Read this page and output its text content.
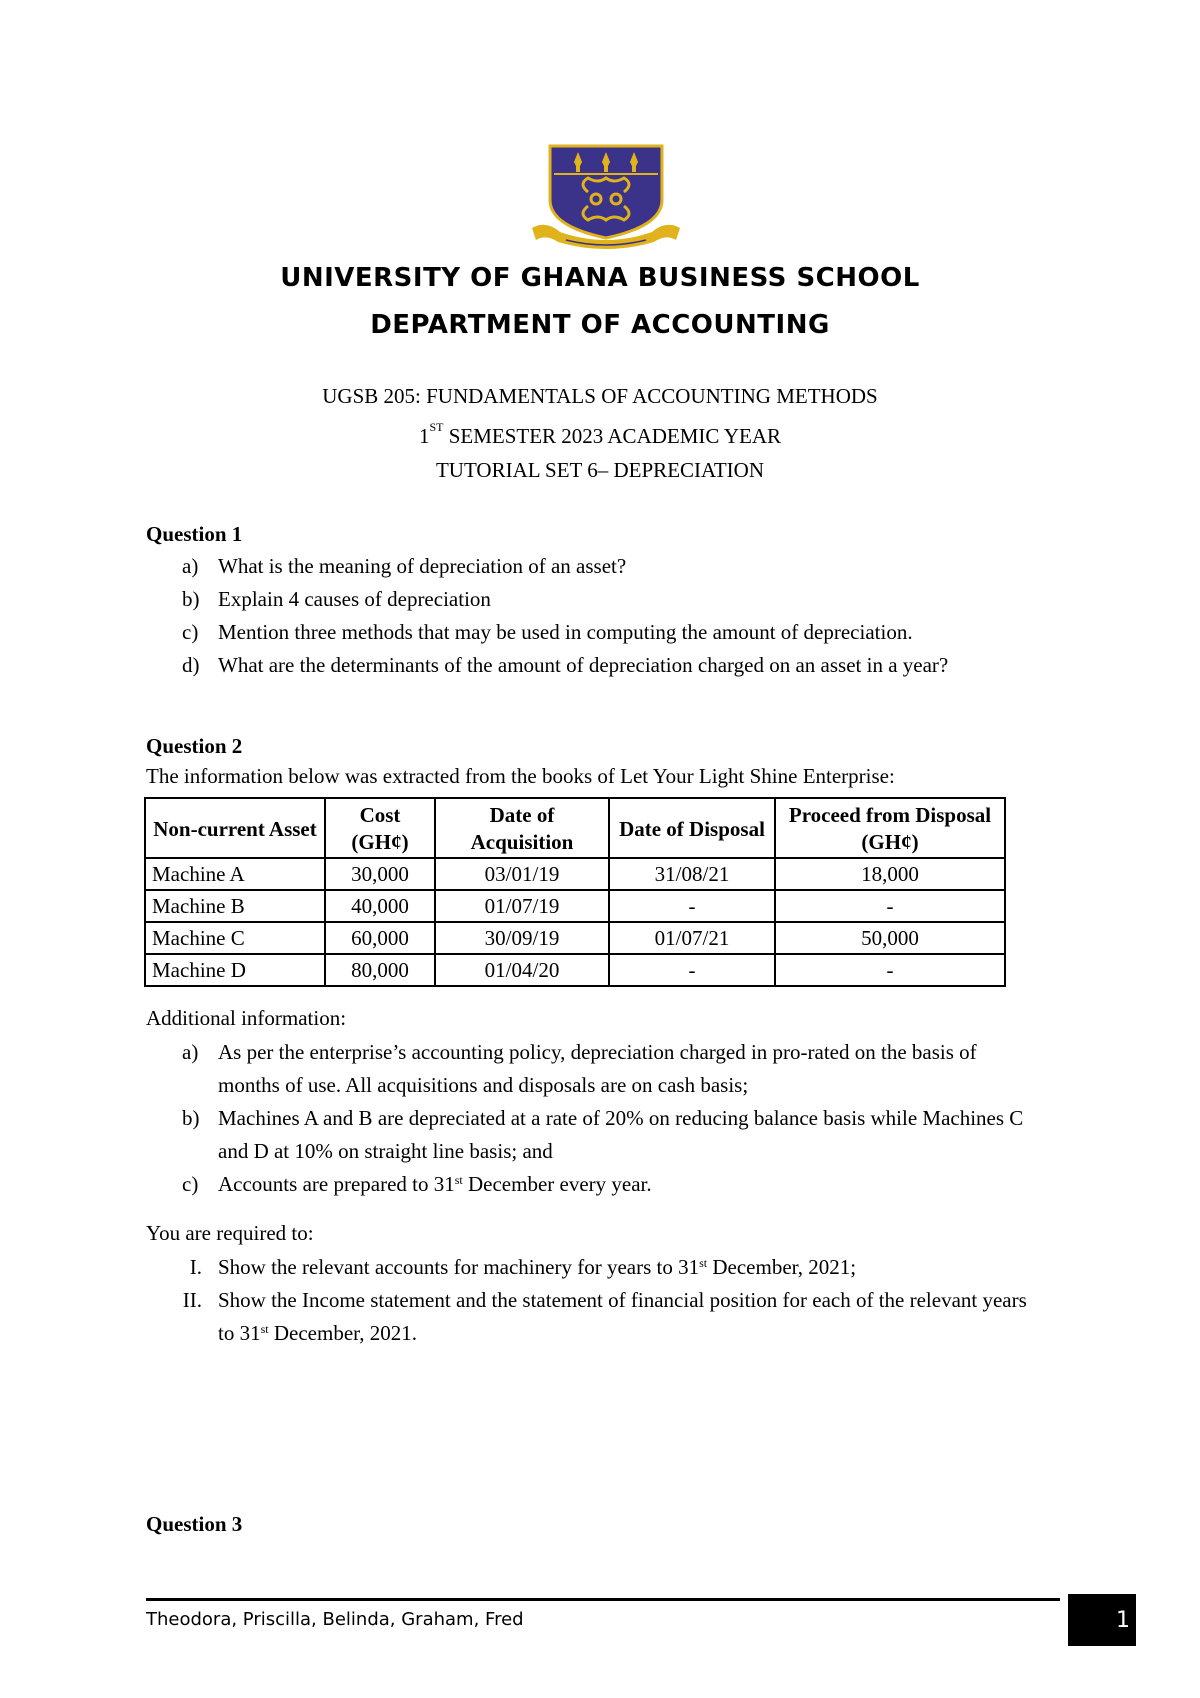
UNIVERSITY OF GHANA BUSINESS SCHOOL
DEPARTMENT OF ACCOUNTING
UGSB 205: FUNDAMENTALS OF ACCOUNTING METHODS
1ST SEMESTER 2023 ACADEMIC YEAR
TUTORIAL SET 6– DEPRECIATION
Question 1
a) What is the meaning of depreciation of an asset?
b) Explain 4 causes of depreciation
c) Mention three methods that may be used in computing the amount of depreciation.
d) What are the determinants of the amount of depreciation charged on an asset in a year?
Question 2
The information below was extracted from the books of Let Your Light Shine Enterprise:
Non-current Asset	Cost (GH¢)	Date of Acquisition	Date of Disposal	Proceed from Disposal (GH¢)
Machine A	30,000	03/01/19	31/08/21	18,000
Machine B	40,000	01/07/19	-	-
Machine C	60,000	30/09/19	01/07/21	50,000
Machine D	80,000	01/04/20	-	-
Additional information:
a) As per the enterprise’s accounting policy, depreciation charged in pro-rated on the basis of months of use. All acquisitions and disposals are on cash basis;
b) Machines A and B are depreciated at a rate of 20% on reducing balance basis while Machines C and D at 10% on straight line basis; and
c) Accounts are prepared to 31st December every year.
You are required to:
I. Show the relevant accounts for machinery for years to 31st December, 2021;
II. Show the Income statement and the statement of financial position for each of the relevant years to 31st December, 2021.
Question 3
Theodora, Priscilla, Belinda, Graham, Fred	1
